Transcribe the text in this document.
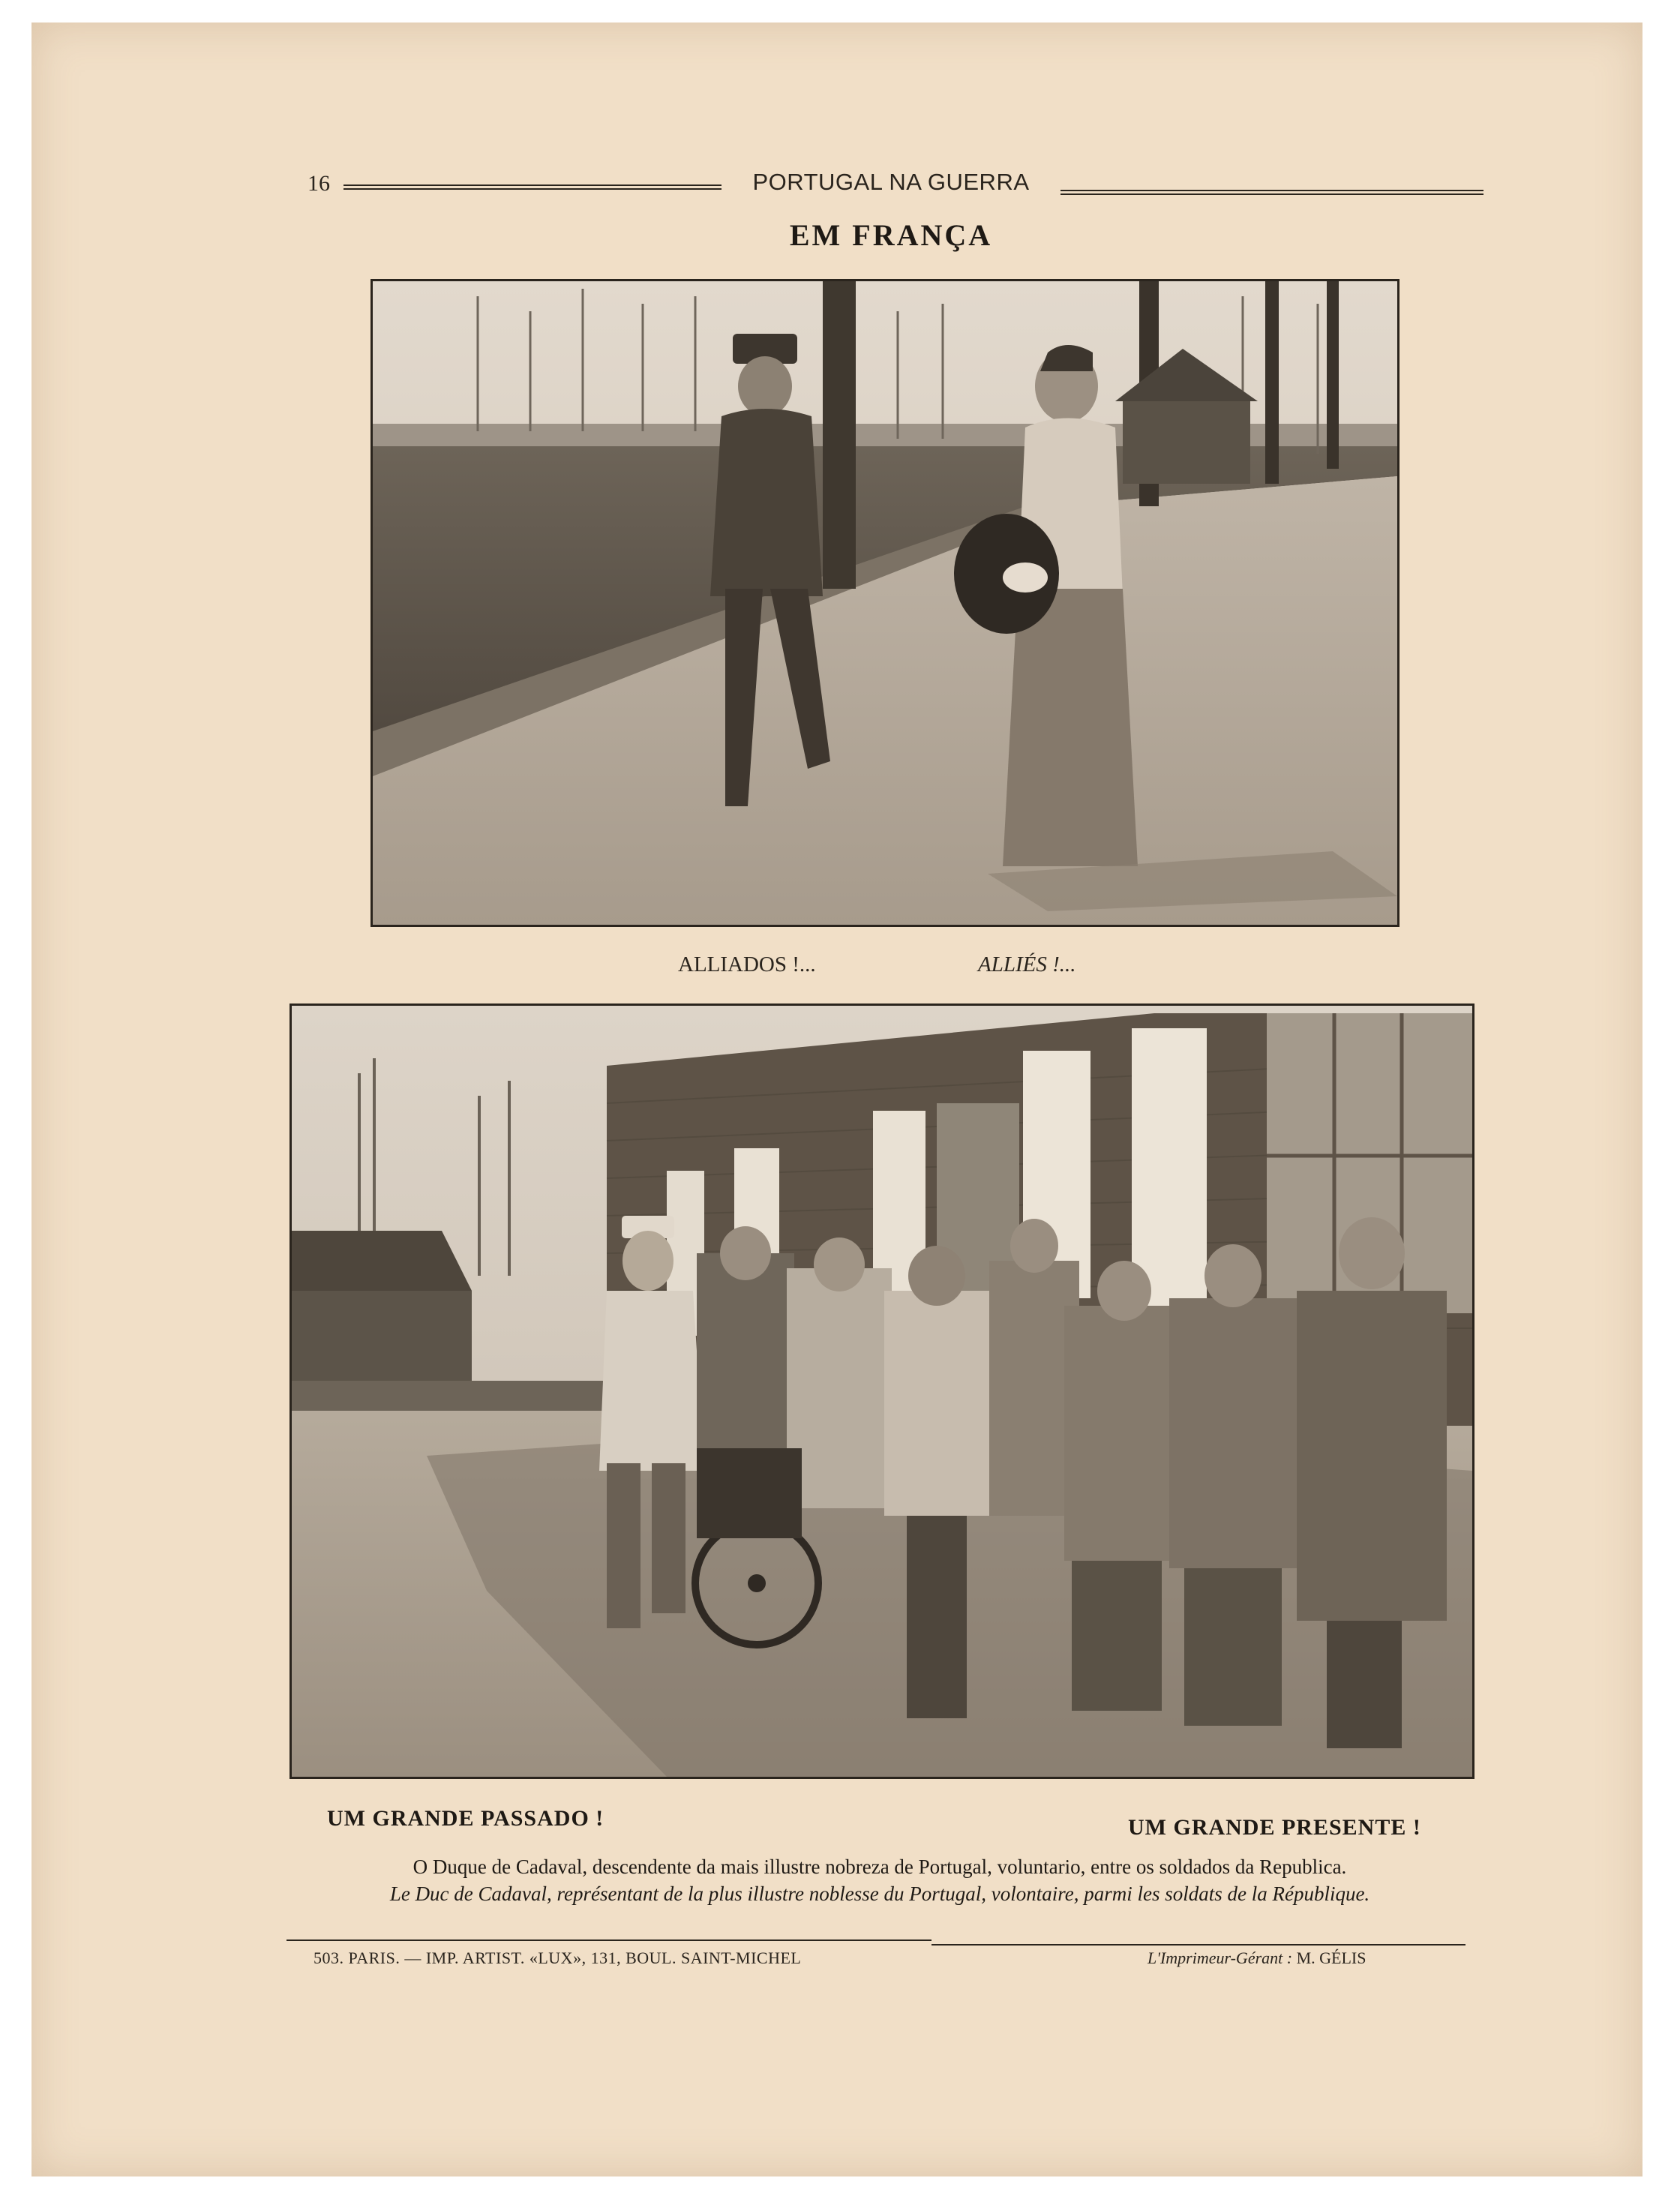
16	PORTUGAL NA GUERRA
EM FRANÇA
ALLIADOS !...	ALLIÉS !...
UM GRANDE PASSADO !	UM GRANDE PRESENTE !
O Duque de Cadaval, descendente da mais illustre nobreza de Portugal, voluntario, entre os soldados da Republica.
Le Duc de Cadaval, représentant de la plus illustre noblesse du Portugal, volontaire, parmi les soldats de la République.
503. PARIS. — IMP. ARTIST. «LUX», 131, BOUL. SAINT-MICHEL	L'Imprimeur-Gérant : M. GÉLIS
